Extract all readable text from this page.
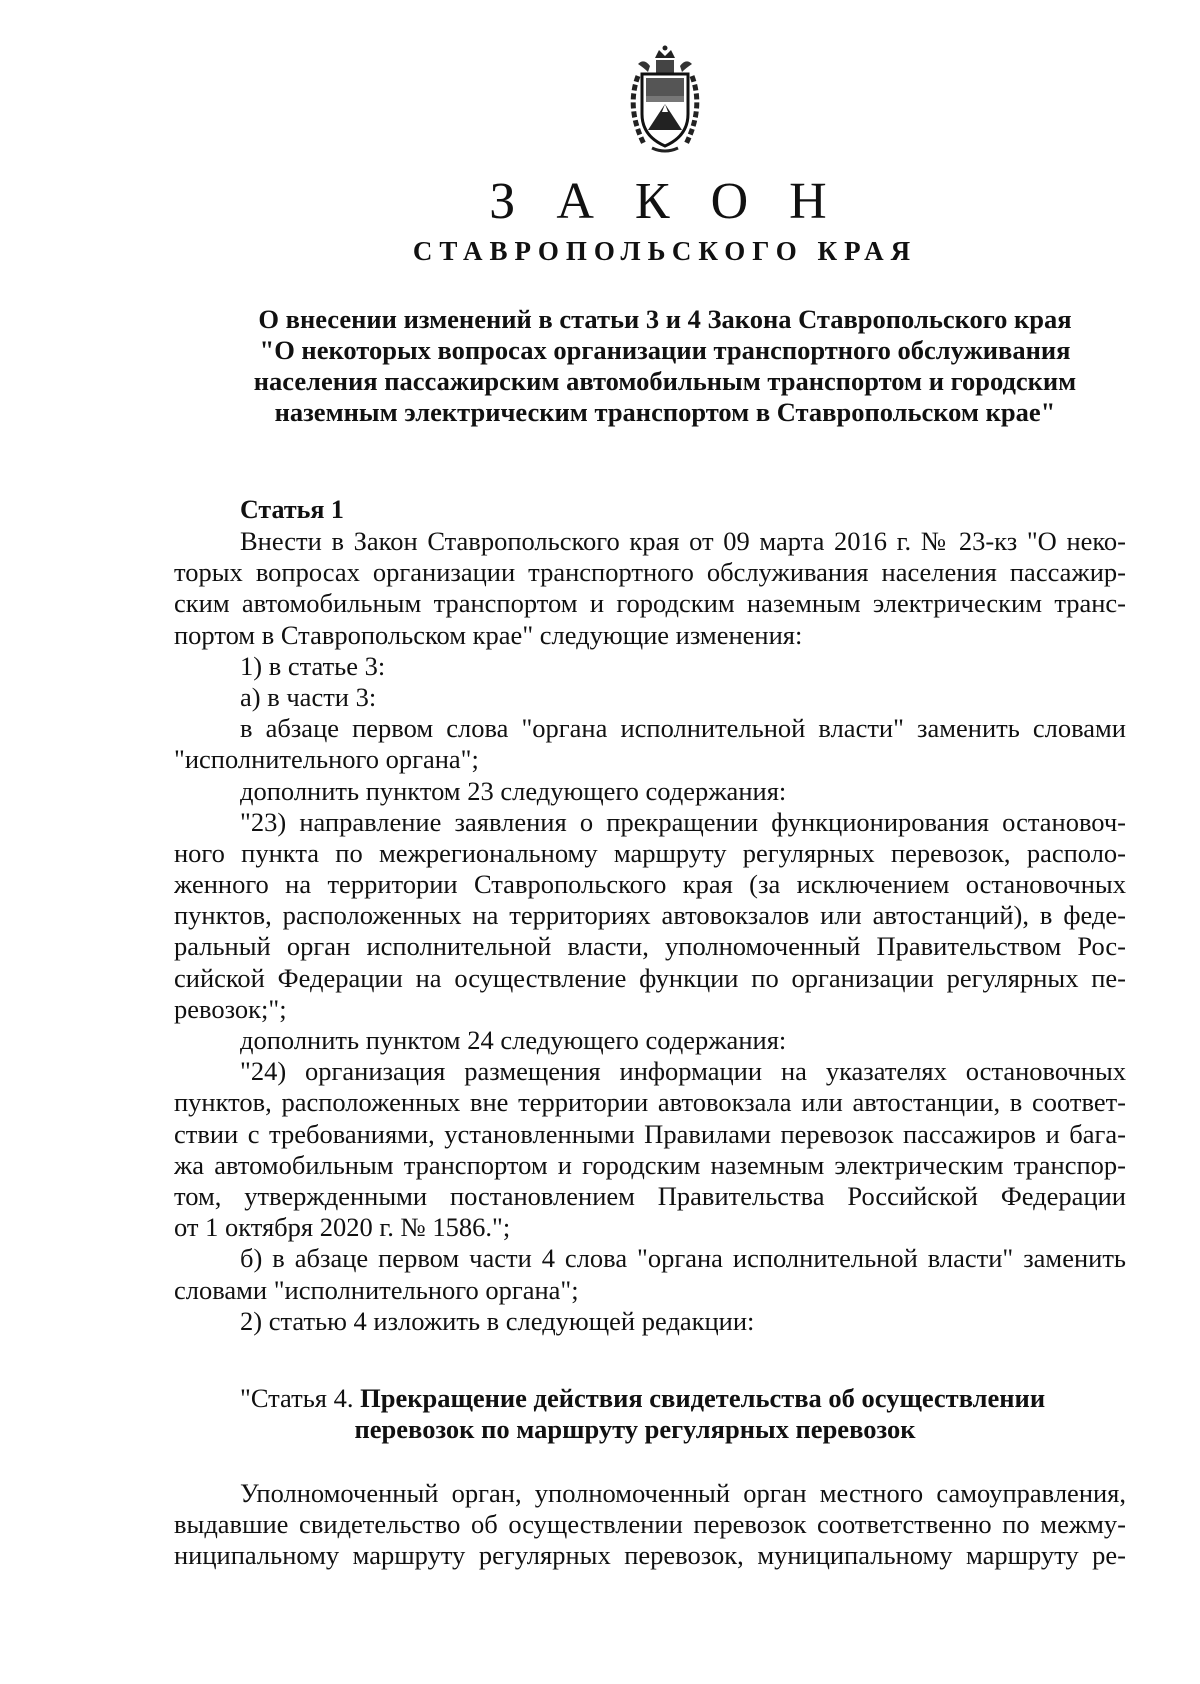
З А К О Н
СТАВРОПОЛЬСКОГО КРАЯ
О внесении изменений в статьи 3 и 4 Закона Ставропольского края
"О некоторых вопросах организации транспортного обслуживания
населения пассажирским автомобильным транспортом и городским
наземным электрическим транспортом в Ставропольском крае"
Статья 1
Внести в Закон Ставропольского края от 09 марта 2016 г. № 23-кз "О неко-
торых вопросах организации транспортного обслуживания населения пассажир-
ским автомобильным транспортом и городским наземным электрическим транс-
портом в Ставропольском крае" следующие изменения:
1) в статье 3:
а) в части 3:
в абзаце первом слова "органа исполнительной власти" заменить словами
"исполнительного органа";
дополнить пунктом 23 следующего содержания:
"23) направление заявления о прекращении функционирования остановоч-
ного пункта по межрегиональному маршруту регулярных перевозок, располо-
женного на территории Ставропольского края (за исключением остановочных
пунктов, расположенных на территориях автовокзалов или автостанций), в феде-
ральный орган исполнительной власти, уполномоченный Правительством Рос-
сийской Федерации на осуществление функции по организации регулярных пе-
ревозок;";
дополнить пунктом 24 следующего содержания:
"24) организация размещения информации на указателях остановочных
пунктов, расположенных вне территории автовокзала или автостанции, в соответ-
ствии с требованиями, установленными Правилами перевозок пассажиров и бага-
жа автомобильным транспортом и городским наземным электрическим транспор-
том, утвержденными постановлением Правительства Российской Федерации
от 1 октября 2020 г. № 1586.";
б) в абзаце первом части 4 слова "органа исполнительной власти" заменить
словами "исполнительного органа";
2) статью 4 изложить в следующей редакции:
"Статья 4. Прекращение действия свидетельства об осуществлении
перевозок по маршруту регулярных перевозок
Уполномоченный орган, уполномоченный орган местного самоуправления,
выдавшие свидетельство об осуществлении перевозок соответственно по межму-
ниципальному маршруту регулярных перевозок, муниципальному маршруту ре-
